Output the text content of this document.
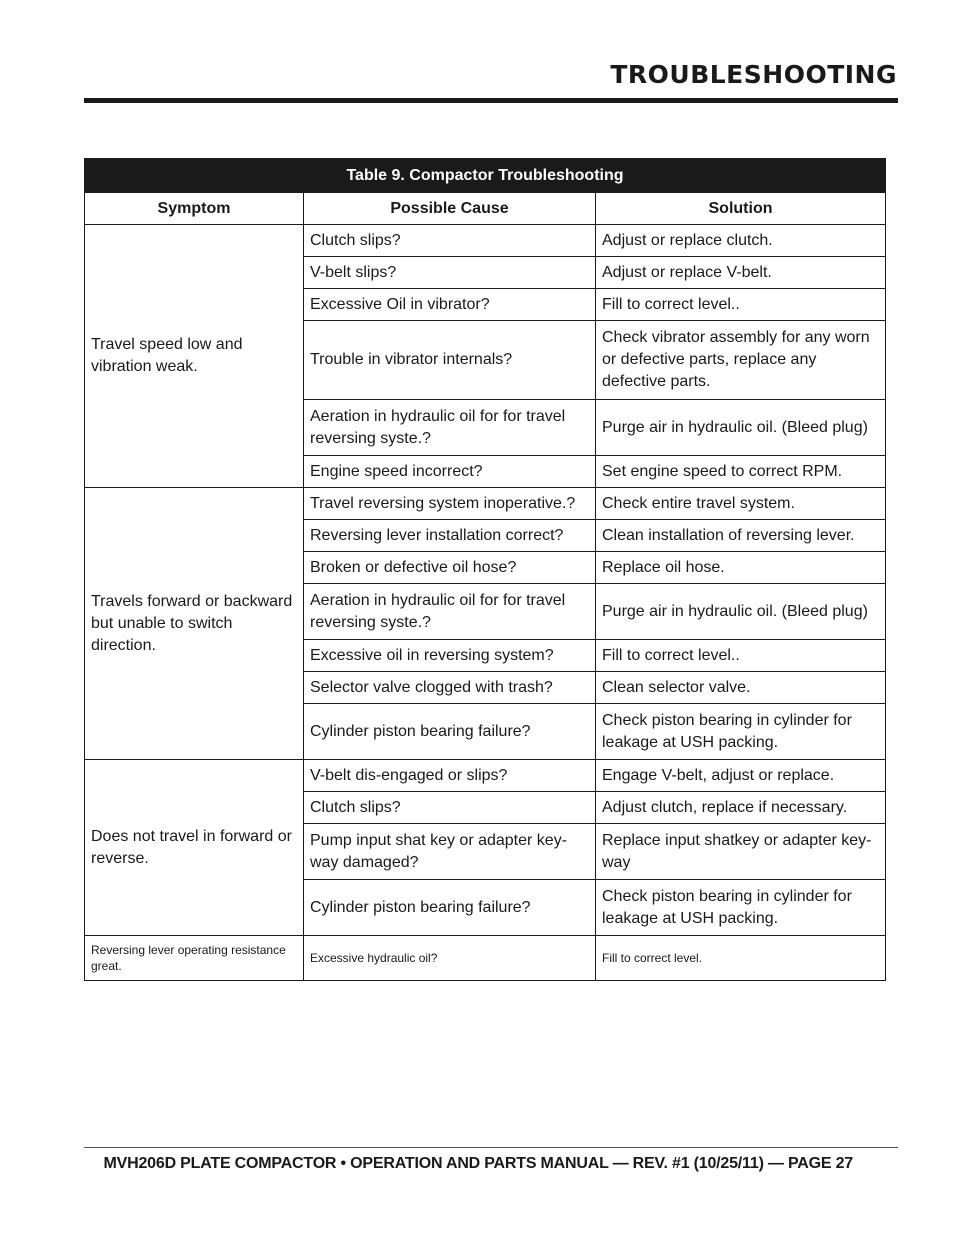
TROUBLESHOOTING
Table 9. Compactor Troubleshooting		
Symptom	Possible Cause	Solution
Travel speed low and vibration weak.	Clutch slips?	Adjust or replace clutch.
	V-belt slips?	Adjust or replace V-belt.
	Excessive Oil in vibrator?	Fill to correct level..
	Trouble in vibrator internals?	Check vibrator assembly for any worn or defective parts, replace any defective parts.
	Aeration in hydraulic oil for for travel reversing syste.?	Purge air in hydraulic oil. (Bleed plug)
	Engine speed incorrect?	Set engine speed to correct RPM.
Travels forward or backward but unable to switch direction.	Travel reversing system inoperative.?	Check entire travel system.
	Reversing lever installation correct?	Clean installation of reversing lever.
	Broken or defective oil hose?	Replace oil hose.
	Aeration in hydraulic oil for for travel reversing syste.?	Purge air in hydraulic oil. (Bleed plug)
	Excessive oil in reversing system?	Fill to correct level..
	Selector valve clogged with trash?	Clean selector valve.
	Cylinder piston bearing failure?	Check piston bearing in cylinder for leakage at USH packing.
Does not travel in forward or reverse.	V-belt dis-engaged or slips?	Engage V-belt, adjust or replace.
	Clutch slips?	Adjust clutch, replace if necessary.
	Pump input shat key or adapter key-way damaged?	Replace input shatkey or adapter key-way
	Cylinder piston bearing failure?	Check piston bearing in cylinder for leakage at USH packing.
Reversing lever operating resistance great.	Excessive hydraulic oil?	Fill to correct level.
MVH206D PLATE COMPACTOR • OPERATION AND PARTS MANUAL — REV. #1 (10/25/11) — PAGE 27
